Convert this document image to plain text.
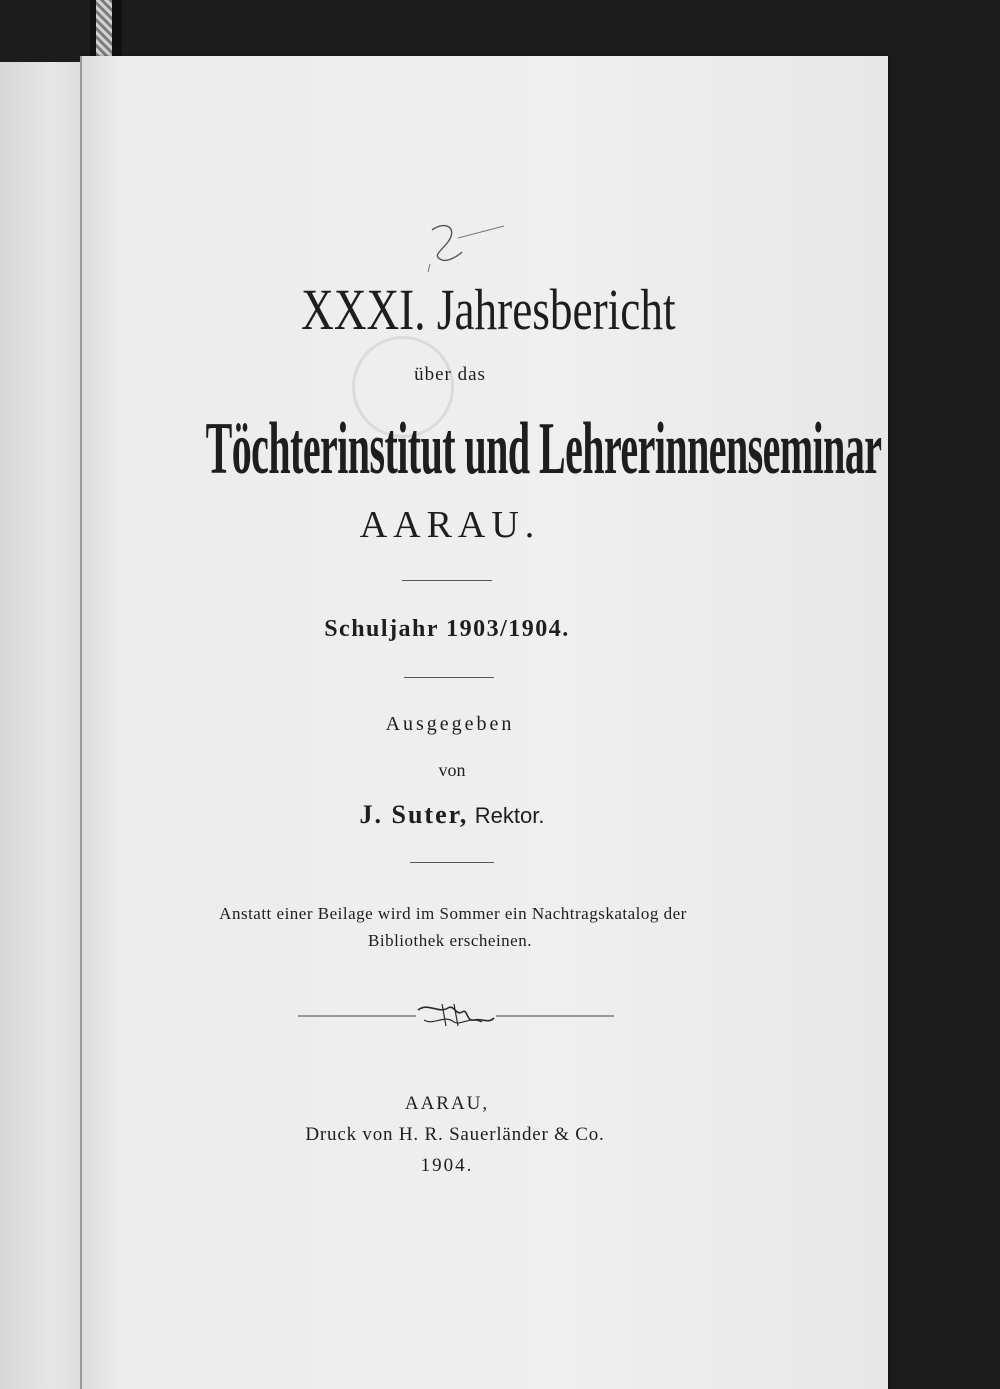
XXXI. Jahresbericht
über das
Töchterinstitut und Lehrerinnenseminar
AARAU.
Schuljahr 1903/1904.
Ausgegeben
von
J. Suter, Rektor.
Anstatt einer Beilage wird im Sommer ein Nachtragskatalog der
Bibliothek erscheinen.
AARAU,
Druck von H. R. Sauerländer & Co.
1904.
